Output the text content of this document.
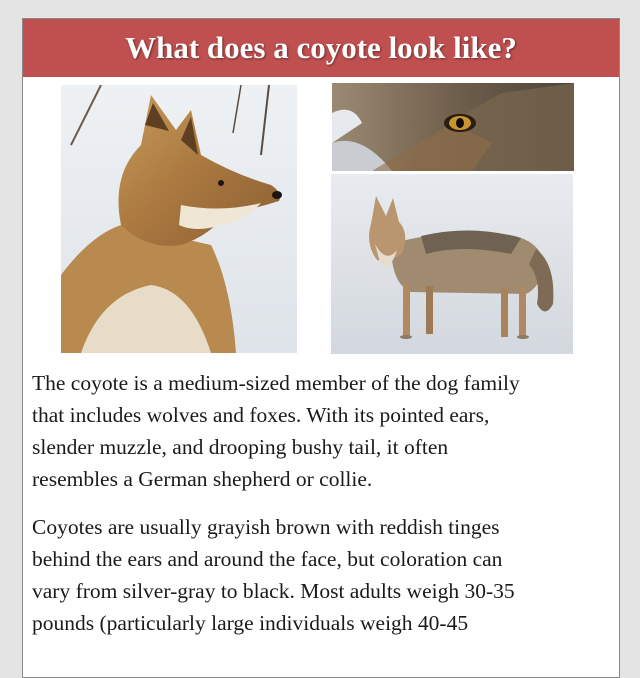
What does a coyote look like?

The coyote is a medium-sized member of the dog family
that includes wolves and foxes. With its pointed ears,
slender muzzle, and drooping bushy tail, it often
resembles a German shepherd or collie.

Coyotes are usually grayish brown with reddish tinges
behind the ears and around the face, but coloration can
vary from silver-gray to black. Most adults weigh 30-35
pounds (particularly large individuals weigh 40-45
